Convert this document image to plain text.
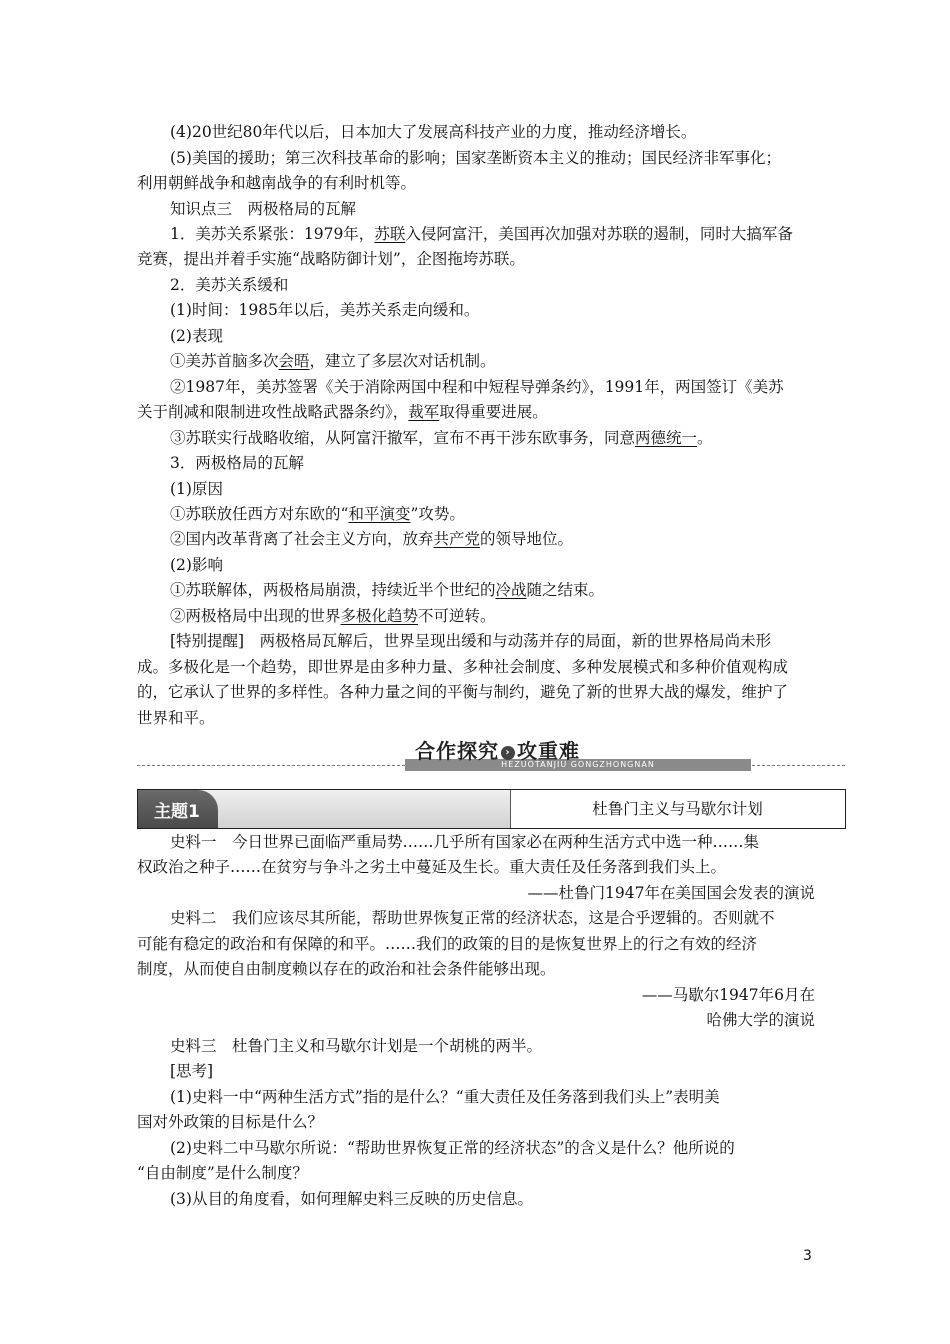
(4)20世纪80年代以后，日本加大了发展高科技产业的力度，推动经济增长。
(5)美国的援助；第三次科技革命的影响；国家垄断资本主义的推动；国民经济非军事化；
利用朝鲜战争和越南战争的有利时机等。
知识点三　两极格局的瓦解
1．美苏关系紧张：1979年，苏联入侵阿富汗，美国再次加强对苏联的遏制，同时大搞军备
竞赛，提出并着手实施“战略防御计划”，企图拖垮苏联。
2．美苏关系缓和
(1)时间：1985年以后，美苏关系走向缓和。
(2)表现
①美苏首脑多次会晤，建立了多层次对话机制。
②1987年，美苏签署《关于消除两国中程和中短程导弹条约》，1991年，两国签订《美苏
关于削减和限制进攻性战略武器条约》，裁军取得重要进展。
③苏联实行战略收缩，从阿富汗撤军，宣布不再干涉东欧事务，同意两德统一。
3．两极格局的瓦解
(1)原因
①苏联放任西方对东欧的“和平演变”攻势。
②国内改革背离了社会主义方向，放弃共产党的领导地位。
(2)影响
①苏联解体，两极格局崩溃，持续近半个世纪的冷战随之结束。
②两极格局中出现的世界多极化趋势不可逆转。
[特别提醒]　两极格局瓦解后，世界呈现出缓和与动荡并存的局面，新的世界格局尚未形
成。多极化是一个趋势，即世界是由多种力量、多种社会制度、多种发展模式和多种价值观构成
的，它承认了世界的多样性。各种力量之间的平衡与制约，避免了新的世界大战的爆发，维护了
世界和平。
HEZUOTANJIU GONGZHONGNAN
合作探究 › 攻重难
主题1	杜鲁门主义与马歇尔计划
史料一　今日世界已面临严重局势……几乎所有国家必在两种生活方式中选一种……集
权政治之种子……在贫穷与争斗之劣土中蔓延及生长。重大责任及任务落到我们头上。
——杜鲁门1947年在美国国会发表的演说
史料二　我们应该尽其所能，帮助世界恢复正常的经济状态，这是合乎逻辑的。否则就不
可能有稳定的政治和有保障的和平。……我们的政策的目的是恢复世界上的行之有效的经济
制度，从而使自由制度赖以存在的政治和社会条件能够出现。
——马歇尔1947年6月在
哈佛大学的演说
史料三　杜鲁门主义和马歇尔计划是一个胡桃的两半。
[思考]
(1)史料一中“两种生活方式”指的是什么？“重大责任及任务落到我们头上”表明美
国对外政策的目标是什么？
(2)史料二中马歇尔所说：“帮助世界恢复正常的经济状态”的含义是什么？他所说的
“自由制度”是什么制度？
(3)从目的角度看，如何理解史料三反映的历史信息。
3
